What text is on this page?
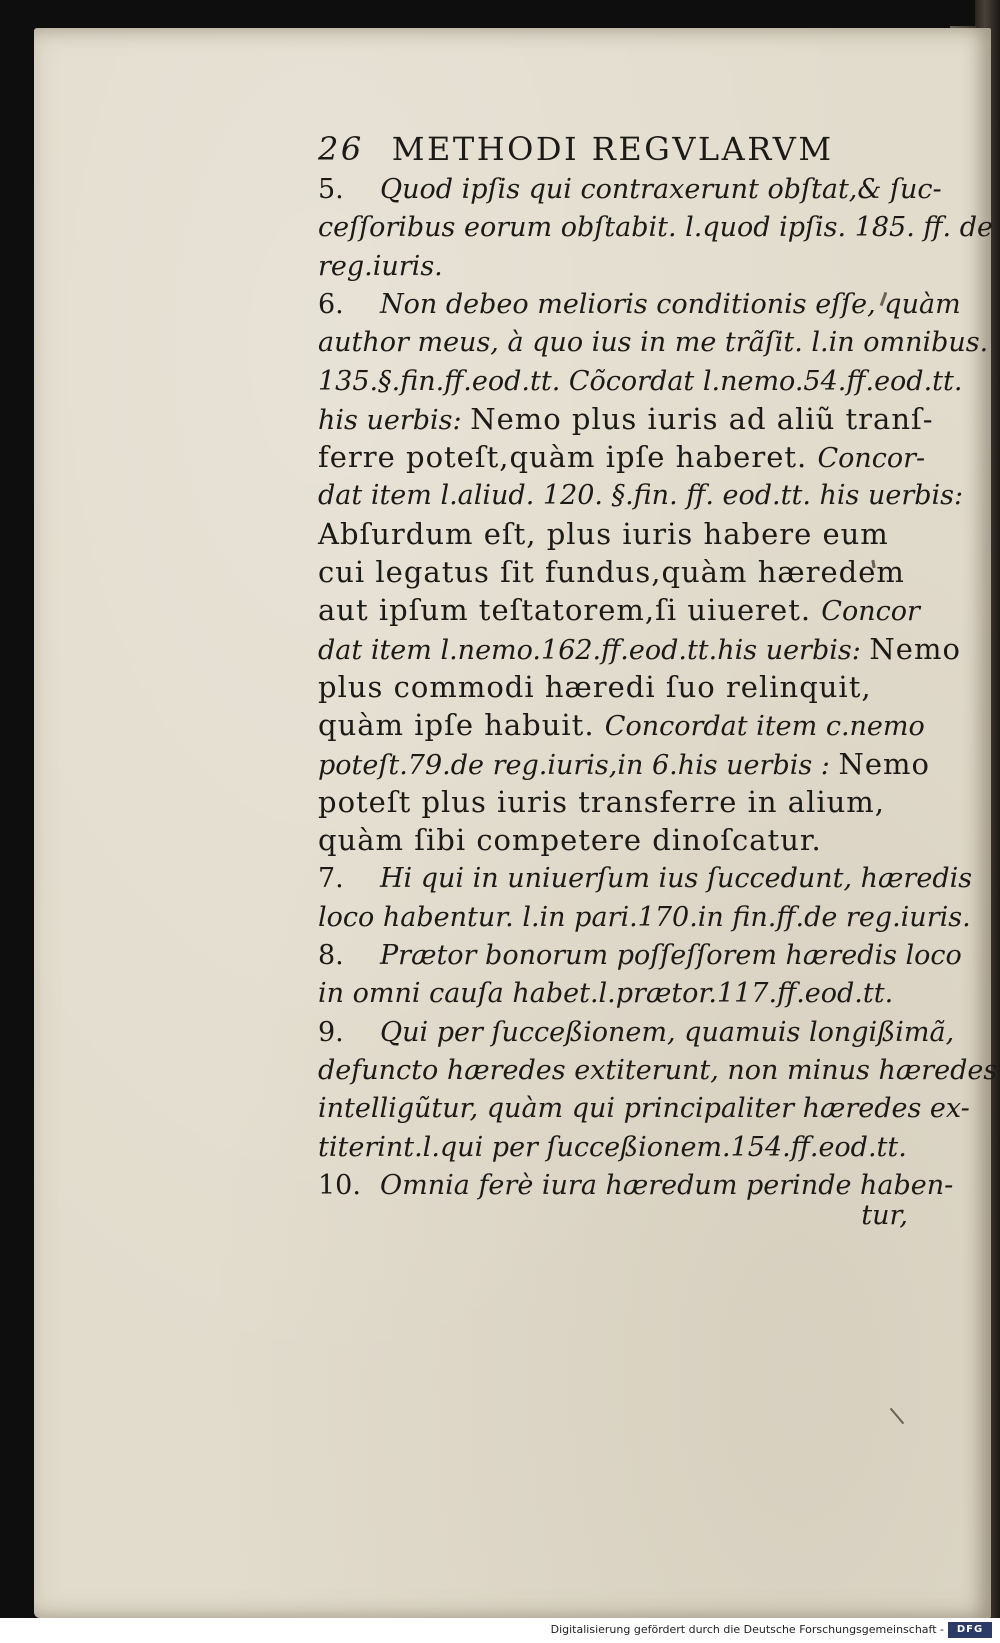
26 METHODI REGVLARVM
5. Quod ipſis qui contraxerunt obſtat,& ſuc-
ceſſoribus eorum obſtabit. l.quod ipſis. 185. ff. de
reg.iuris.
6. Non debeo melioris conditionis eſſe, quàm
author meus, à quo ius in me trãſit. l.in omnibus.
135.§.fin.ff.eod.tt. Cõcordat l.nemo.54.ff.eod.tt.
his uerbis: Nemo plus iuris ad aliũ tranſ-
ferre poteſt,quàm ipſe haberet. Concor-
dat item l.aliud. 120. §.fin. ff. eod.tt. his uerbis:
Abſurdum eſt, plus iuris habere eum
cui legatus ſit fundus,quàm hæredem
aut ipſum teſtatorem,ſi uiueret. Concor
dat item l.nemo.162.ff.eod.tt.his uerbis: Nemo
plus commodi hæredi ſuo relinquit,
quàm ipſe habuit. Concordat item c.nemo
poteſt.79.de reg.iuris,in 6.his uerbis : Nemo
poteſt plus iuris transferre in alium,
quàm ſibi competere dinoſcatur.
7. Hi qui in uniuerſum ius ſuccedunt, hæredis
loco habentur. l.in pari.170.in fin.ff.de reg.iuris.
8. Prætor bonorum poſſeſſorem hæredis loco
in omni cauſa habet.l.prætor.117.ff.eod.tt.
9. Qui per ſucceßionem, quamuis longißimã,
defuncto hæredes extiterunt, non minus hæredes
intelligũtur, quàm qui principaliter hæredes ex-
titerint.l.qui per ſucceßionem.154.ff.eod.tt.
10. Omnia ferè iura hæredum perinde haben-
tur,
Digitalisierung gefördert durch die Deutsche Forschungsgemeinschaft -	DFG
